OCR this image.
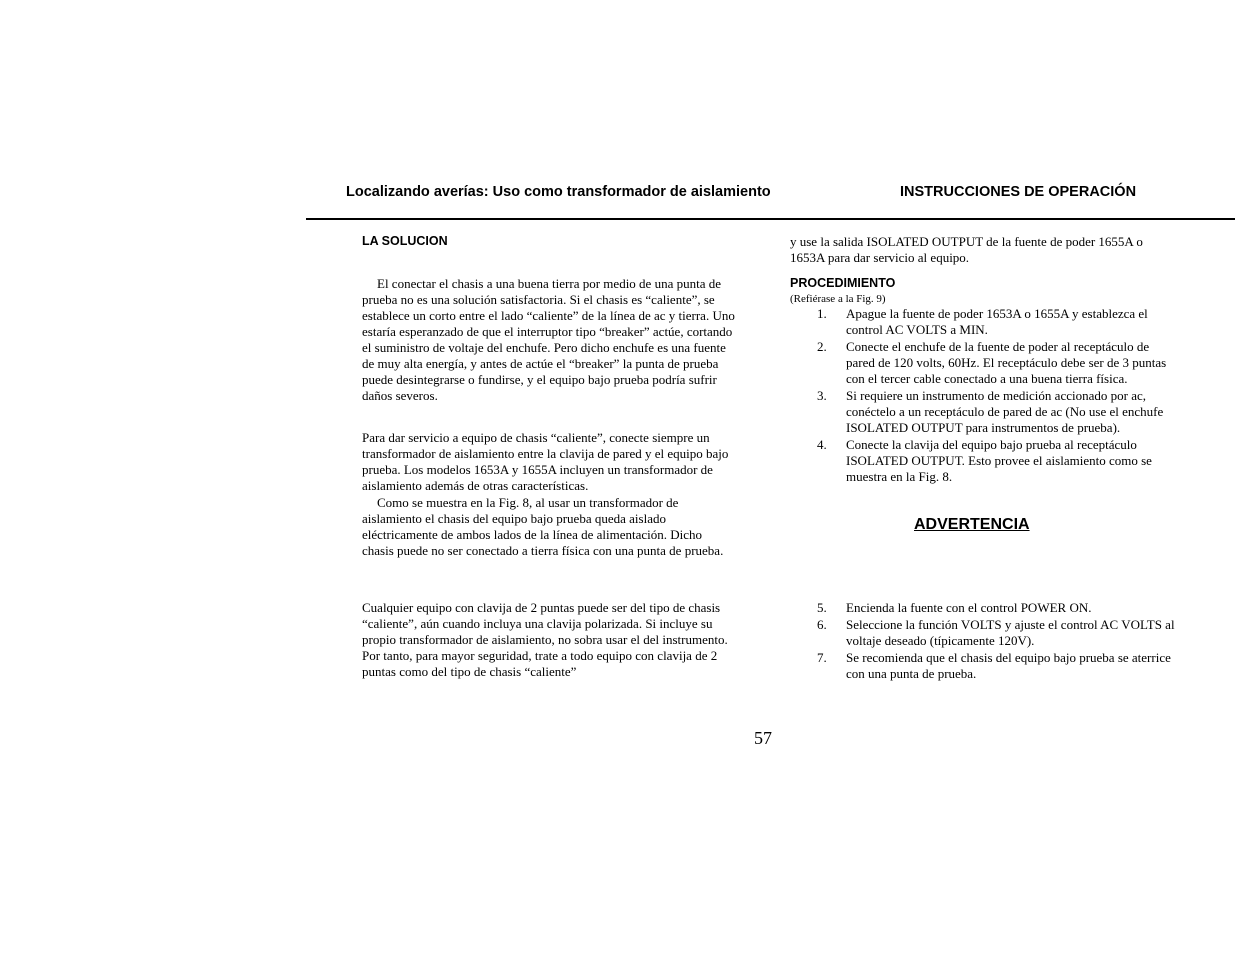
Localizando averías: Uso como transformador de aislamiento	INSTRUCCIONES DE OPERACIÓN
LA SOLUCION

El conectar el chasis a una buena tierra por medio de una punta de prueba no es una solución satisfactoria. Si el chasis es “caliente”, se establece un corto entre el lado “caliente” de la línea de ac y tierra. Uno estaría esperanzado de que el interruptor tipo “breaker” actúe, cortando el suministro de voltaje del enchufe. Pero dicho enchufe es una fuente de muy alta energía, y antes de actúe el “breaker” la punta de prueba puede desintegrarse o fundirse, y el equipo bajo prueba podría sufrir daños severos.

Para dar servicio a equipo de chasis “caliente”, conecte siempre un transformador de aislamiento entre la clavija de pared y el equipo bajo prueba. Los modelos 1653A y 1655A incluyen un transformador de aislamiento además de otras características.

Como se muestra en la Fig. 8, al usar un transformador de aislamiento el chasis del equipo bajo prueba queda aislado eléctricamente de ambos lados de la línea de alimentación. Dicho chasis puede no ser conectado a tierra física con una punta de prueba.

Cualquier equipo con clavija de 2 puntas puede ser del tipo de chasis “caliente”, aún cuando incluya una clavija polarizada. Si incluye su propio transformador de aislamiento, no sobra usar el del instrumento. Por tanto, para mayor seguridad, trate a todo equipo con clavija de 2 puntas como del tipo de chasis “caliente”

y use la salida ISOLATED OUTPUT de la fuente de poder 1655A o 1653A para dar servicio al equipo.

PROCEDIMIENTO
(Refiérase a la Fig. 9)
1.	Apague la fuente de poder 1653A o 1655A y establezca el control AC VOLTS a MIN.
2.	Conecte el enchufe de la fuente de poder al receptáculo de pared de 120 volts, 60Hz. El receptáculo debe ser de 3 puntas con el tercer cable conectado a una buena tierra física.
3.	Si requiere un instrumento de medición accionado por ac, conéctelo a un receptáculo de pared de ac (No use el enchufe ISOLATED OUTPUT para instrumentos de prueba).
4.	Conecte la clavija del equipo bajo prueba al receptáculo ISOLATED OUTPUT. Esto provee el aislamiento como se muestra en la Fig. 8.
ADVERTENCIA
5.	Encienda la fuente con el control POWER ON.
6.	Seleccione la función VOLTS y ajuste el control AC VOLTS al voltaje deseado (típicamente 120V).
7.	Se recomienda que el chasis del equipo bajo prueba se aterrice con una punta de prueba.
57
